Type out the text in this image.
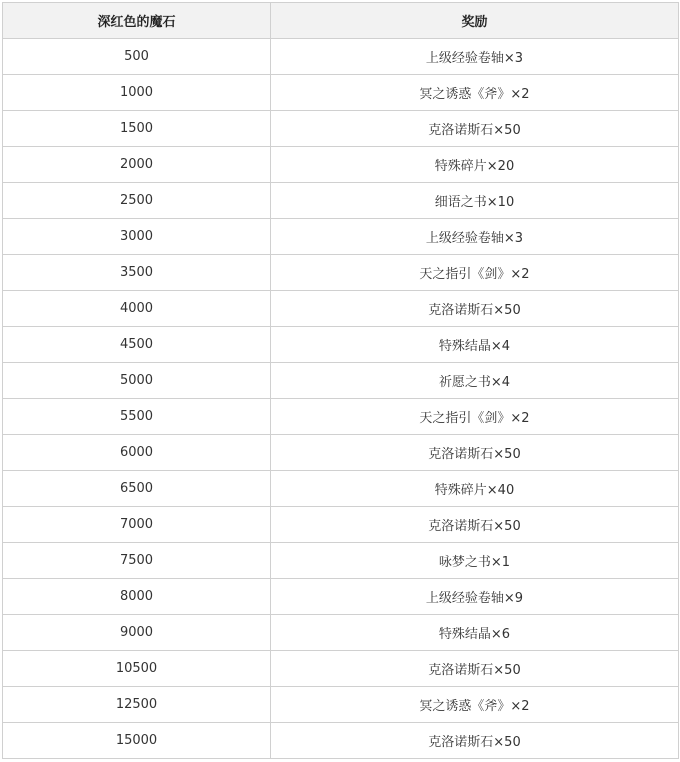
深红色的魔石	奖励
500	上级经验卷轴×3
1000	冥之诱惑《斧》×2
1500	克洛诺斯石×50
2000	特殊碎片×20
2500	细语之书×10
3000	上级经验卷轴×3
3500	天之指引《剑》×2
4000	克洛诺斯石×50
4500	特殊结晶×4
5000	祈愿之书×4
5500	天之指引《剑》×2
6000	克洛诺斯石×50
6500	特殊碎片×40
7000	克洛诺斯石×50
7500	咏梦之书×1
8000	上级经验卷轴×9
9000	特殊结晶×6
10500	克洛诺斯石×50
12500	冥之诱惑《斧》×2
15000	克洛诺斯石×50
